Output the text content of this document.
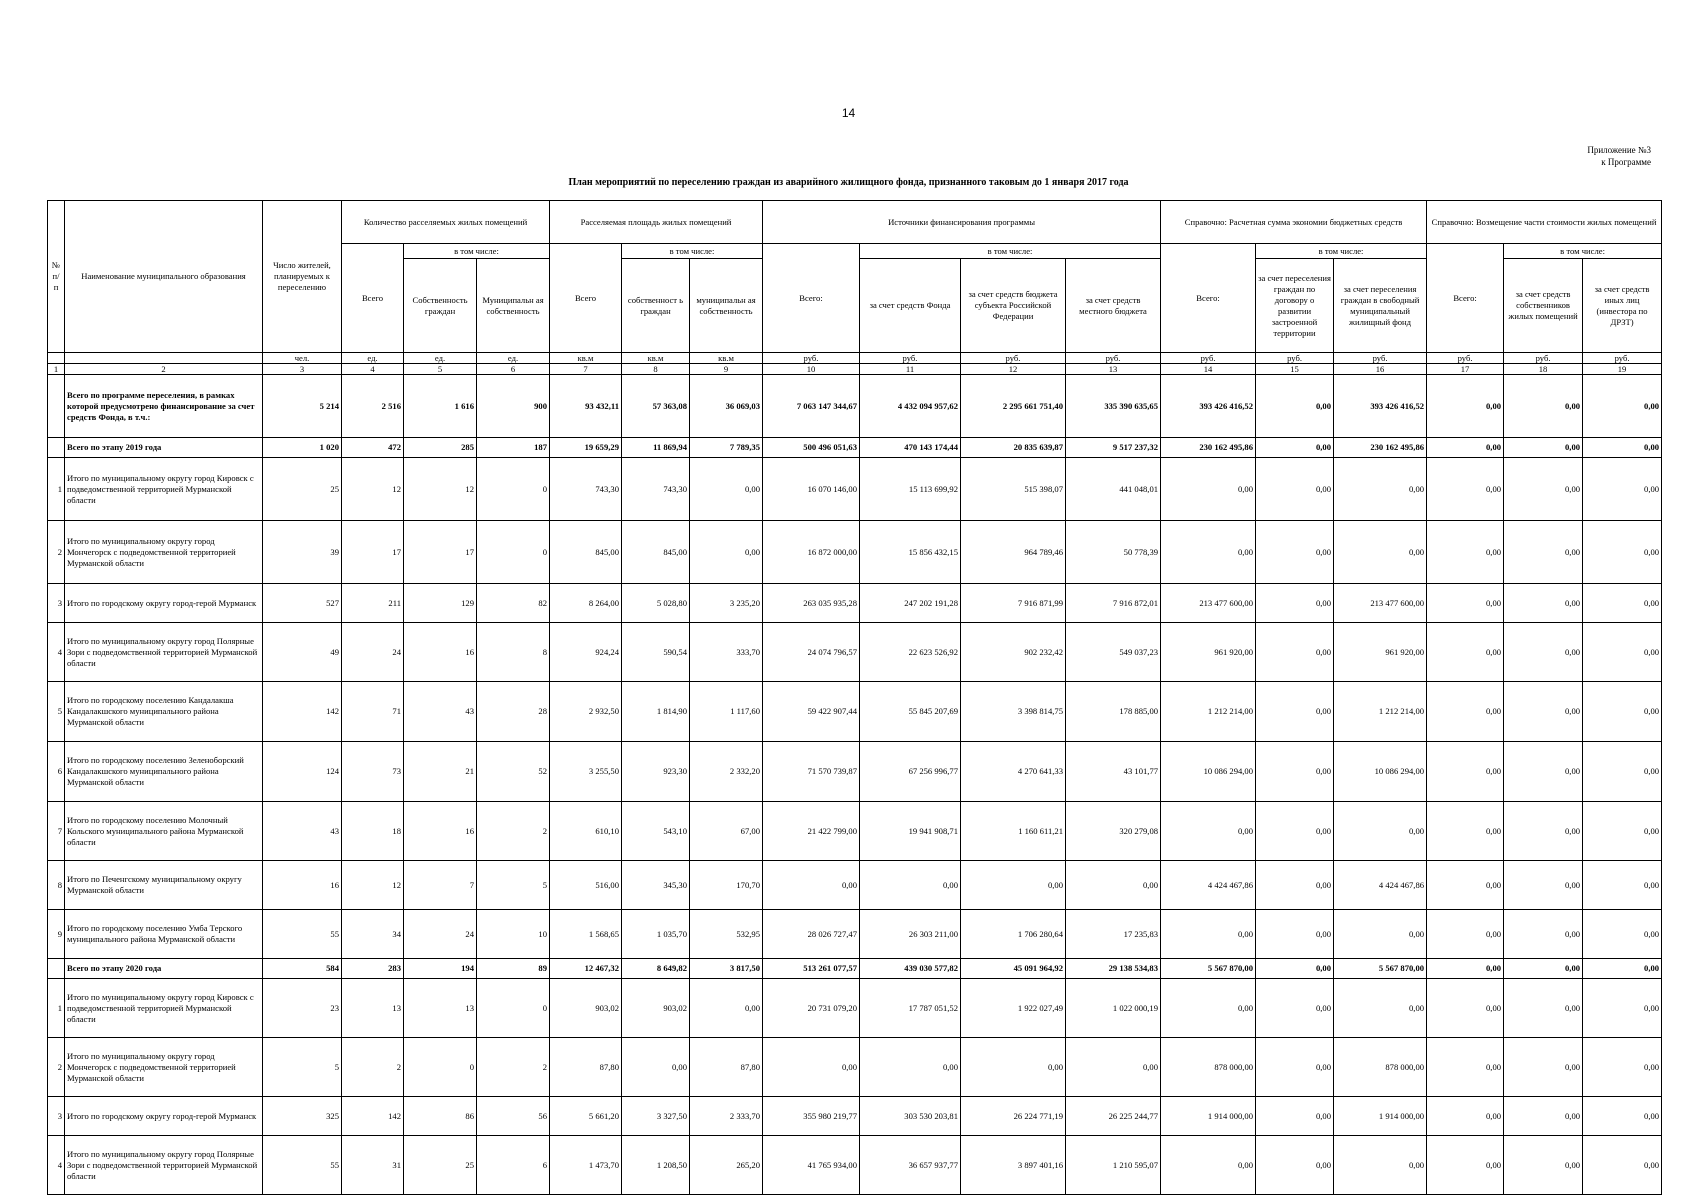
14
Приложение №3
к Программе
План мероприятий по переселению граждан из аварийного жилищного фонда, признанного таковым до 1 января 2017 года
№ п/ п	Наименование муниципального образования	Число жителей, планируемых к переселению	Количество расселяемых жилых помещений			Расселяемая площадь жилых помещений			Источники финансирования программы				Справочно: Расчетная сумма экономии бюджетных средств			Справочно: Возмещение части стоимости жилых помещений		
			Всего	в том числе:		Всего	в том числе:		Всего:	в том числе:			Всего:	в том числе:		Всего:	в том числе:	
				Собственность граждан	Муниципальн ая собственность		собственност ь граждан	муниципальн ая собственность		за счет средств Фонда	за счет средств бюджета субъекта Российской Федерации	за счет средств местного бюджета		за счет переселения граждан по договору о развитии застроенной территории	за счет переселения граждан в свободный муниципальный жилищный фонд		за счет средств собственников жилых помещений	за счет средств иных лиц (инвестора по ДРЗТ)
		чел.	ед.	ед.	ед.	кв.м	кв.м	кв.м	руб.	руб.	руб.	руб.	руб.	руб.	руб.	руб.	руб.	руб.
1	2	3	4	5	6	7	8	9	10	11	12	13	14	15	16	17	18	19
	Всего по программе переселения, в рамках которой предусмотрено финансирование за счет средств Фонда, в т.ч.:	5 214	2 516	1 616	900	93 432,11	57 363,08	36 069,03	7 063 147 344,67	4 432 094 957,62	2 295 661 751,40	335 390 635,65	393 426 416,52	0,00	393 426 416,52	0,00	0,00	0,00
	Всего по этапу 2019 года	1 020	472	285	187	19 659,29	11 869,94	7 789,35	500 496 051,63	470 143 174,44	20 835 639,87	9 517 237,32	230 162 495,86	0,00	230 162 495,86	0,00	0,00	0,00
1	Итого по муниципальному округу город Кировск с подведомственной территорией Мурманской области	25	12	12	0	743,30	743,30	0,00	16 070 146,00	15 113 699,92	515 398,07	441 048,01	0,00	0,00	0,00	0,00	0,00	0,00
2	Итого по муниципальному округу город Мончегорск с подведомственной территорией Мурманской области	39	17	17	0	845,00	845,00	0,00	16 872 000,00	15 856 432,15	964 789,46	50 778,39	0,00	0,00	0,00	0,00	0,00	0,00
3	Итого по городскому округу город-герой Мурманск	527	211	129	82	8 264,00	5 028,80	3 235,20	263 035 935,28	247 202 191,28	7 916 871,99	7 916 872,01	213 477 600,00	0,00	213 477 600,00	0,00	0,00	0,00
4	Итого по муниципальному округу город Полярные Зори с подведомственной территорией Мурманской области	49	24	16	8	924,24	590,54	333,70	24 074 796,57	22 623 526,92	902 232,42	549 037,23	961 920,00	0,00	961 920,00	0,00	0,00	0,00
5	Итого по городскому поселению Кандалакша Кандалакшского муниципального района Мурманской области	142	71	43	28	2 932,50	1 814,90	1 117,60	59 422 907,44	55 845 207,69	3 398 814,75	178 885,00	1 212 214,00	0,00	1 212 214,00	0,00	0,00	0,00
6	Итого по городскому поселению Зеленоборский Кандалакшского муниципального района Мурманской области	124	73	21	52	3 255,50	923,30	2 332,20	71 570 739,87	67 256 996,77	4 270 641,33	43 101,77	10 086 294,00	0,00	10 086 294,00	0,00	0,00	0,00
7	Итого по городскому поселению Молочный Кольского муниципального района Мурманской области	43	18	16	2	610,10	543,10	67,00	21 422 799,00	19 941 908,71	1 160 611,21	320 279,08	0,00	0,00	0,00	0,00	0,00	0,00
8	Итого по Печенгскому муниципальному округу Мурманской области	16	12	7	5	516,00	345,30	170,70	0,00	0,00	0,00	0,00	4 424 467,86	0,00	4 424 467,86	0,00	0,00	0,00
9	Итого по городскому поселению Умба Терского муниципального района Мурманской области	55	34	24	10	1 568,65	1 035,70	532,95	28 026 727,47	26 303 211,00	1 706 280,64	17 235,83	0,00	0,00	0,00	0,00	0,00	0,00
	Всего по этапу 2020 года	584	283	194	89	12 467,32	8 649,82	3 817,50	513 261 077,57	439 030 577,82	45 091 964,92	29 138 534,83	5 567 870,00	0,00	5 567 870,00	0,00	0,00	0,00
1	Итого по муниципальному округу город Кировск с подведомственной территорией Мурманской области	23	13	13	0	903,02	903,02	0,00	20 731 079,20	17 787 051,52	1 922 027,49	1 022 000,19	0,00	0,00	0,00	0,00	0,00	0,00
2	Итого по муниципальному округу город Мончегорск с подведомственной территорией Мурманской области	5	2	0	2	87,80	0,00	87,80	0,00	0,00	0,00	0,00	878 000,00	0,00	878 000,00	0,00	0,00	0,00
3	Итого по городскому округу город-герой Мурманск	325	142	86	56	5 661,20	3 327,50	2 333,70	355 980 219,77	303 530 203,81	26 224 771,19	26 225 244,77	1 914 000,00	0,00	1 914 000,00	0,00	0,00	0,00
4	Итого по муниципальному округу город Полярные Зори с подведомственной территорией Мурманской области	55	31	25	6	1 473,70	1 208,50	265,20	41 765 934,00	36 657 937,77	3 897 401,16	1 210 595,07	0,00	0,00	0,00	0,00	0,00	0,00
